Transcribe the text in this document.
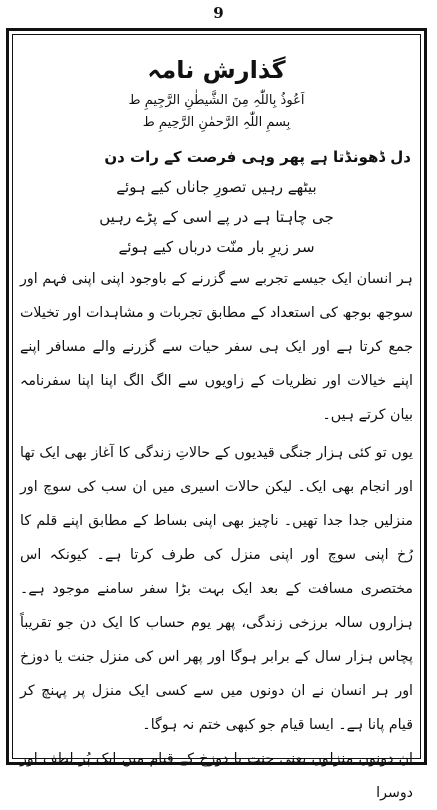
9
گذارش نامہ
اَعُوذُ بِاللّٰہِ مِنَ الشَّیطٰنِ الرَّجِیمِ ط
بِسمِ اللّٰہِ الرَّحمٰنِ الرَّحِیمِ ط
دل ڈھونڈتا ہے پھر وہی فرصت کے رات دن
بیٹھے رہیں تصورِ جاناں کیے ہوئے
جی چاہتا ہے در پے اسی کے پڑے رہیں
سر زیرِ بار منّت درباں کیے ہوئے

ہر انسان ایک جیسے تجربے سے گزرنے کے باوجود اپنی اپنی فہم اور سوجھ بوجھ کی استعداد کے مطابق تجربات و مشاہدات اور تخیلات جمع کرتا ہے اور ایک ہی سفر حیات سے گزرنے والے مسافر اپنے اپنے خیالات اور نظریات کے زاویوں سے الگ الگ اپنا اپنا سفرنامہ بیان کرتے ہیں۔

یوں تو کئی ہزار جنگی قیدیوں کے حالاتِ زندگی کا آغاز بھی ایک تھا اور انجام بھی ایک۔ لیکن حالات اسیری میں ان سب کی سوچ اور منزلیں جدا جدا تھیں۔ ناچیز بھی اپنی بساط کے مطابق اپنے قلم کا رُخ اپنی سوچ اور اپنی منزل کی طرف کرتا ہے۔ کیونکہ اس مختصری مسافت کے بعد ایک بہت بڑا سفر سامنے موجود ہے۔ ہزاروں سالہ برزخی زندگی، پھر یوم حساب کا ایک دن جو تقریباً پچاس ہزار سال کے برابر ہوگا اور پھر اس کی منزل جنت یا دوزخ اور ہر انسان نے ان دونوں میں سے کسی ایک منزل پر پہنچ کر قیام پانا ہے۔ ایسا قیام جو کبھی ختم نہ ہوگا۔

ان دونوں منزلوں یعنی جنت یا دوزخ کے قیام میں ایک پُر لطف اور دوسرا
